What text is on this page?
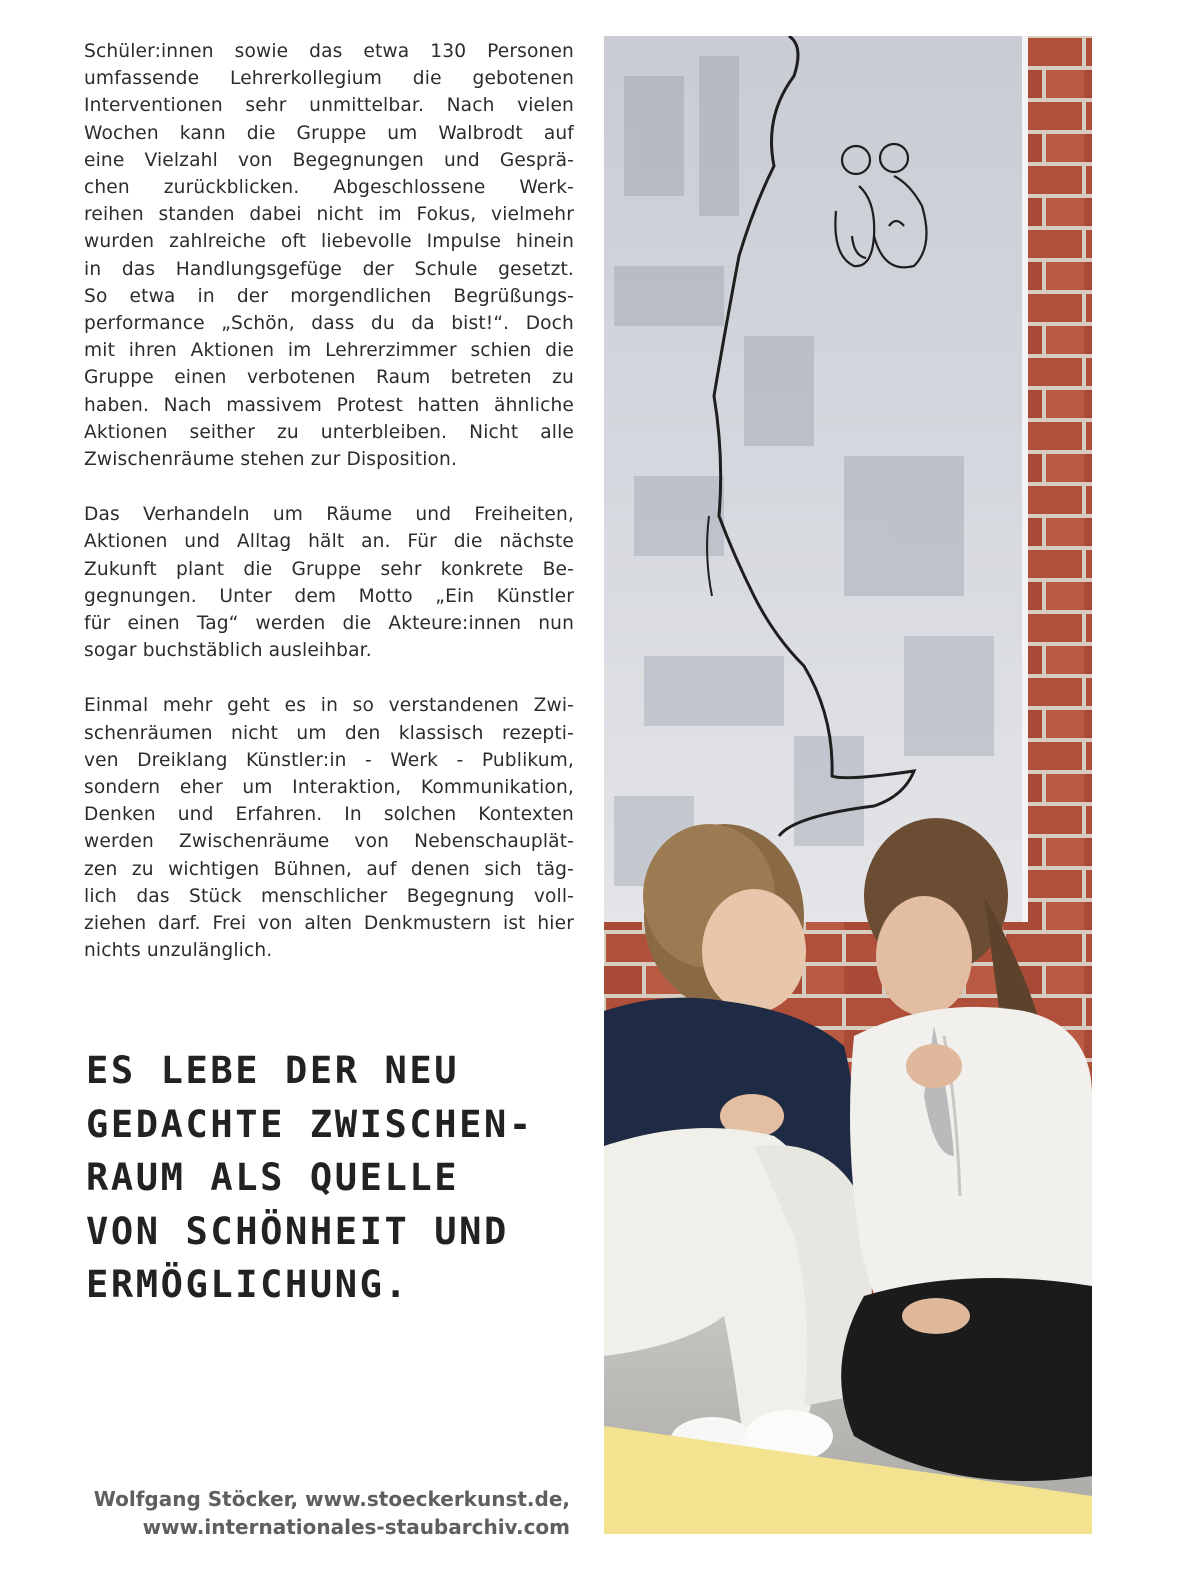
Schüler:innen sowie das etwa 130 Personen
umfassende Lehrerkollegium die gebotenen
Interventionen sehr unmittelbar. Nach vielen
Wochen kann die Gruppe um Walbrodt auf
eine Vielzahl von Begegnungen und Gesprä-
chen zurückblicken. Abgeschlossene Werk-
reihen standen dabei nicht im Fokus, vielmehr
wurden zahlreiche oft liebevolle Impulse hinein
in das Handlungsgefüge der Schule gesetzt.
So etwa in der morgendlichen Begrüßungs-
performance „Schön, dass du da bist!“. Doch
mit ihren Aktionen im Lehrerzimmer schien die
Gruppe einen verbotenen Raum betreten zu
haben. Nach massivem Protest hatten ähnliche
Aktionen seither zu unterbleiben. Nicht alle
Zwischenräume stehen zur Disposition.

Das Verhandeln um Räume und Freiheiten,
Aktionen und Alltag hält an. Für die nächste
Zukunft plant die Gruppe sehr konkrete Be-
gegnungen. Unter dem Motto „Ein Künstler
für einen Tag“ werden die Akteure:innen nun
sogar buchstäblich ausleihbar.

Einmal mehr geht es in so verstandenen Zwi-
schenräumen nicht um den klassisch rezepti-
ven Dreiklang Künstler:in - Werk - Publikum,
sondern eher um Interaktion, Kommunikation,
Denken und Erfahren. In solchen Kontexten
werden Zwischenräume von Nebenschauplät-
zen zu wichtigen Bühnen, auf denen sich täg-
lich das Stück menschlicher Begegnung voll-
ziehen darf. Frei von alten Denkmustern ist hier
nichts unzulänglich.

ES LEBE DER NEU
GEDACHTE ZWISCHEN-
RAUM ALS QUELLE
VON SCHÖNHEIT UND
ERMÖGLICHUNG.
Wolfgang Stöcker, www.stoeckerkunst.de,
www.internationales-staubarchiv.com
